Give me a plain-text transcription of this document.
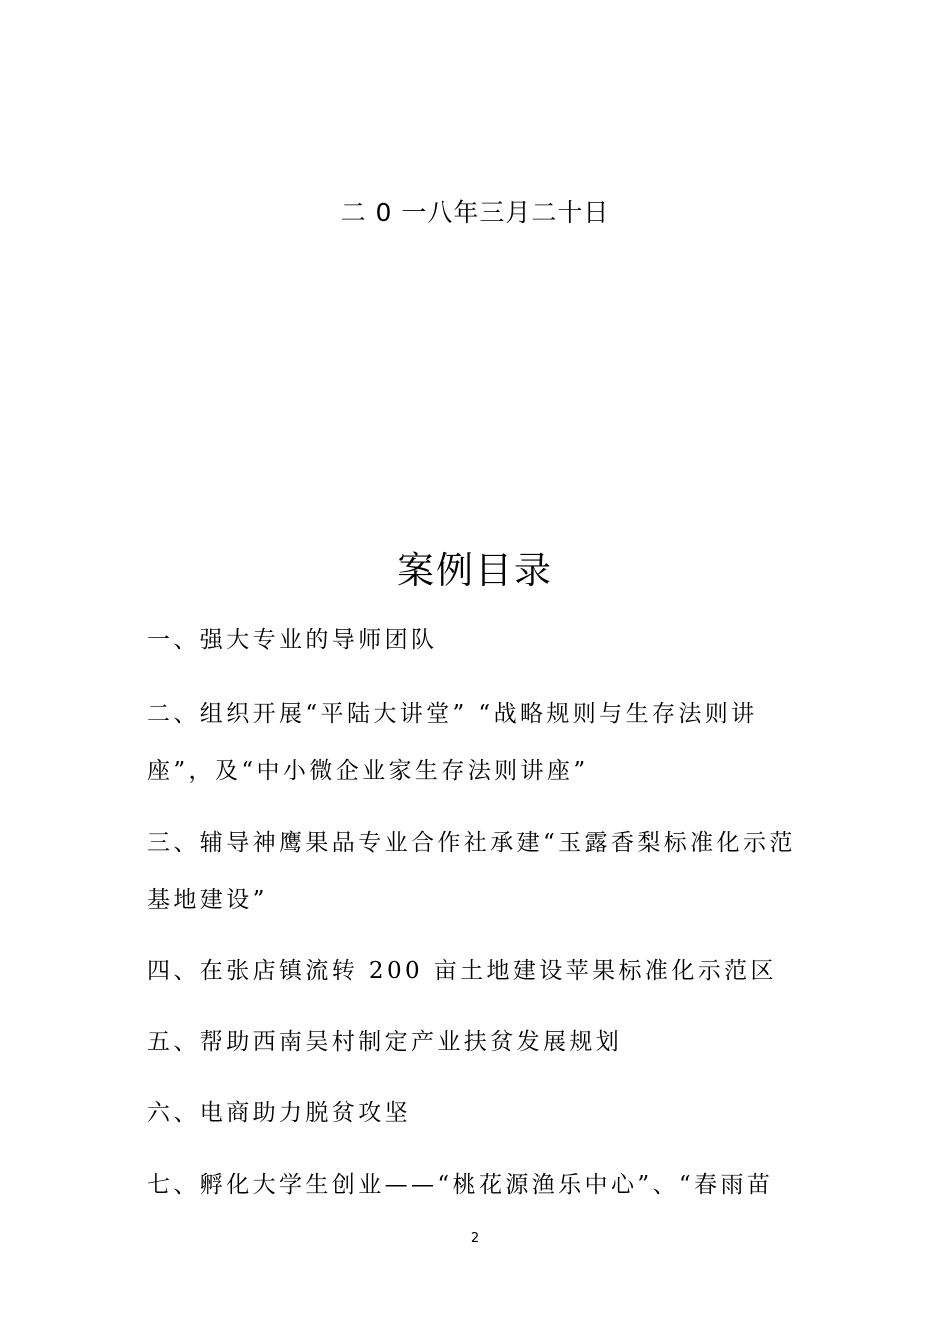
二 0 一八年三月二十日
案例目录
一、强大专业的导师团队
二、组织开展“平陆大讲堂” “战略规则与生存法则讲
座”，及“中小微企业家生存法则讲座”
三、辅导神鹰果品专业合作社承建“玉露香梨标准化示范
基地建设”
四、在张店镇流转 200 亩土地建设苹果标准化示范区
五、帮助西南吴村制定产业扶贫发展规划
六、电商助力脱贫攻坚
七、孵化大学生创业——“桃花源渔乐中心”、“春雨苗
2
